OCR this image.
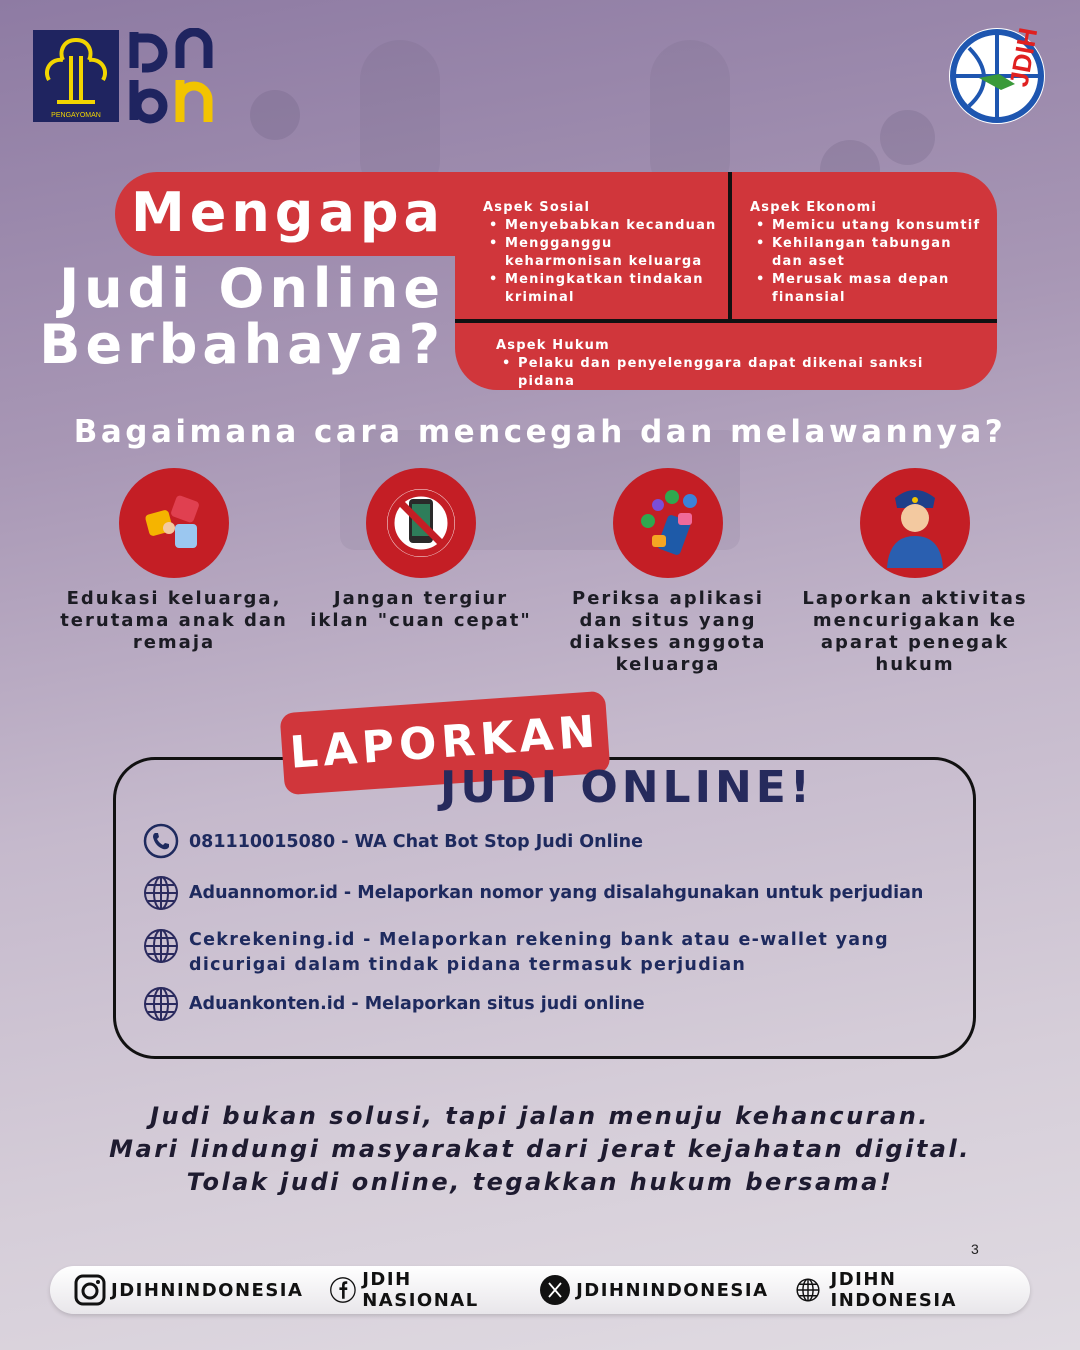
PENGAYOMAN
JDIH
Mengapa
Judi Online
Berbahaya?
Aspek Sosial
• Menyebabkan kecanduan
• Mengganggu keharmonisan keluarga
• Meningkatkan tindakan kriminal
Aspek Ekonomi
• Memicu utang konsumtif
• Kehilangan tabungan dan aset
• Merusak masa depan finansial
Aspek Hukum
• Pelaku dan penyelenggara dapat dikenai sanksi pidana
Bagaimana cara mencegah dan melawannya?
Edukasi keluarga, terutama anak dan remaja
Jangan tergiur iklan "cuan cepat"
Periksa aplikasi dan situs yang diakses anggota keluarga
Laporkan aktivitas mencurigakan ke aparat penegak hukum
LAPORKAN
JUDI ONLINE!
081110015080 - WA Chat Bot Stop Judi Online
Aduannomor.id - Melaporkan nomor yang disalahgunakan untuk perjudian
Cekrekening.id - Melaporkan rekening bank atau e-wallet yang dicurigai dalam tindak pidana termasuk perjudian
Aduankonten.id - Melaporkan situs judi online
Judi bukan solusi, tapi jalan menuju kehancuran.
Mari lindungi masyarakat dari jerat kejahatan digital.
Tolak judi online, tegakkan hukum bersama!
3
JDIHNINDONESIA	JDIH NASIONAL	JDIHNINDONESIA	JDIHN INDONESIA
